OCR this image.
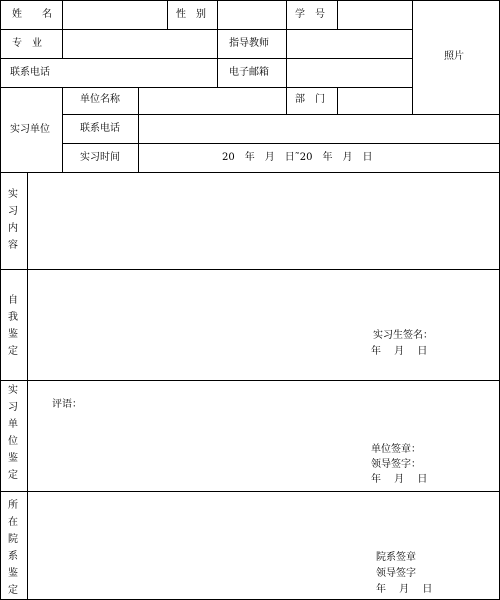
姓　　名	性　别	学　号
照片
专　业	指导教师
联系电话	电子邮箱
实习单位
单位名称	部　门
联系电话
实习时间	20　年　月　日˜20　年　月　日
实习内容
自我鉴定
实习生签名：
年　 月　 日
实习单位鉴定
评语：
单位签章：
领导签字：
年　 月　 日
所在院系鉴定
院系签章
领导签字
年　 月　 日
